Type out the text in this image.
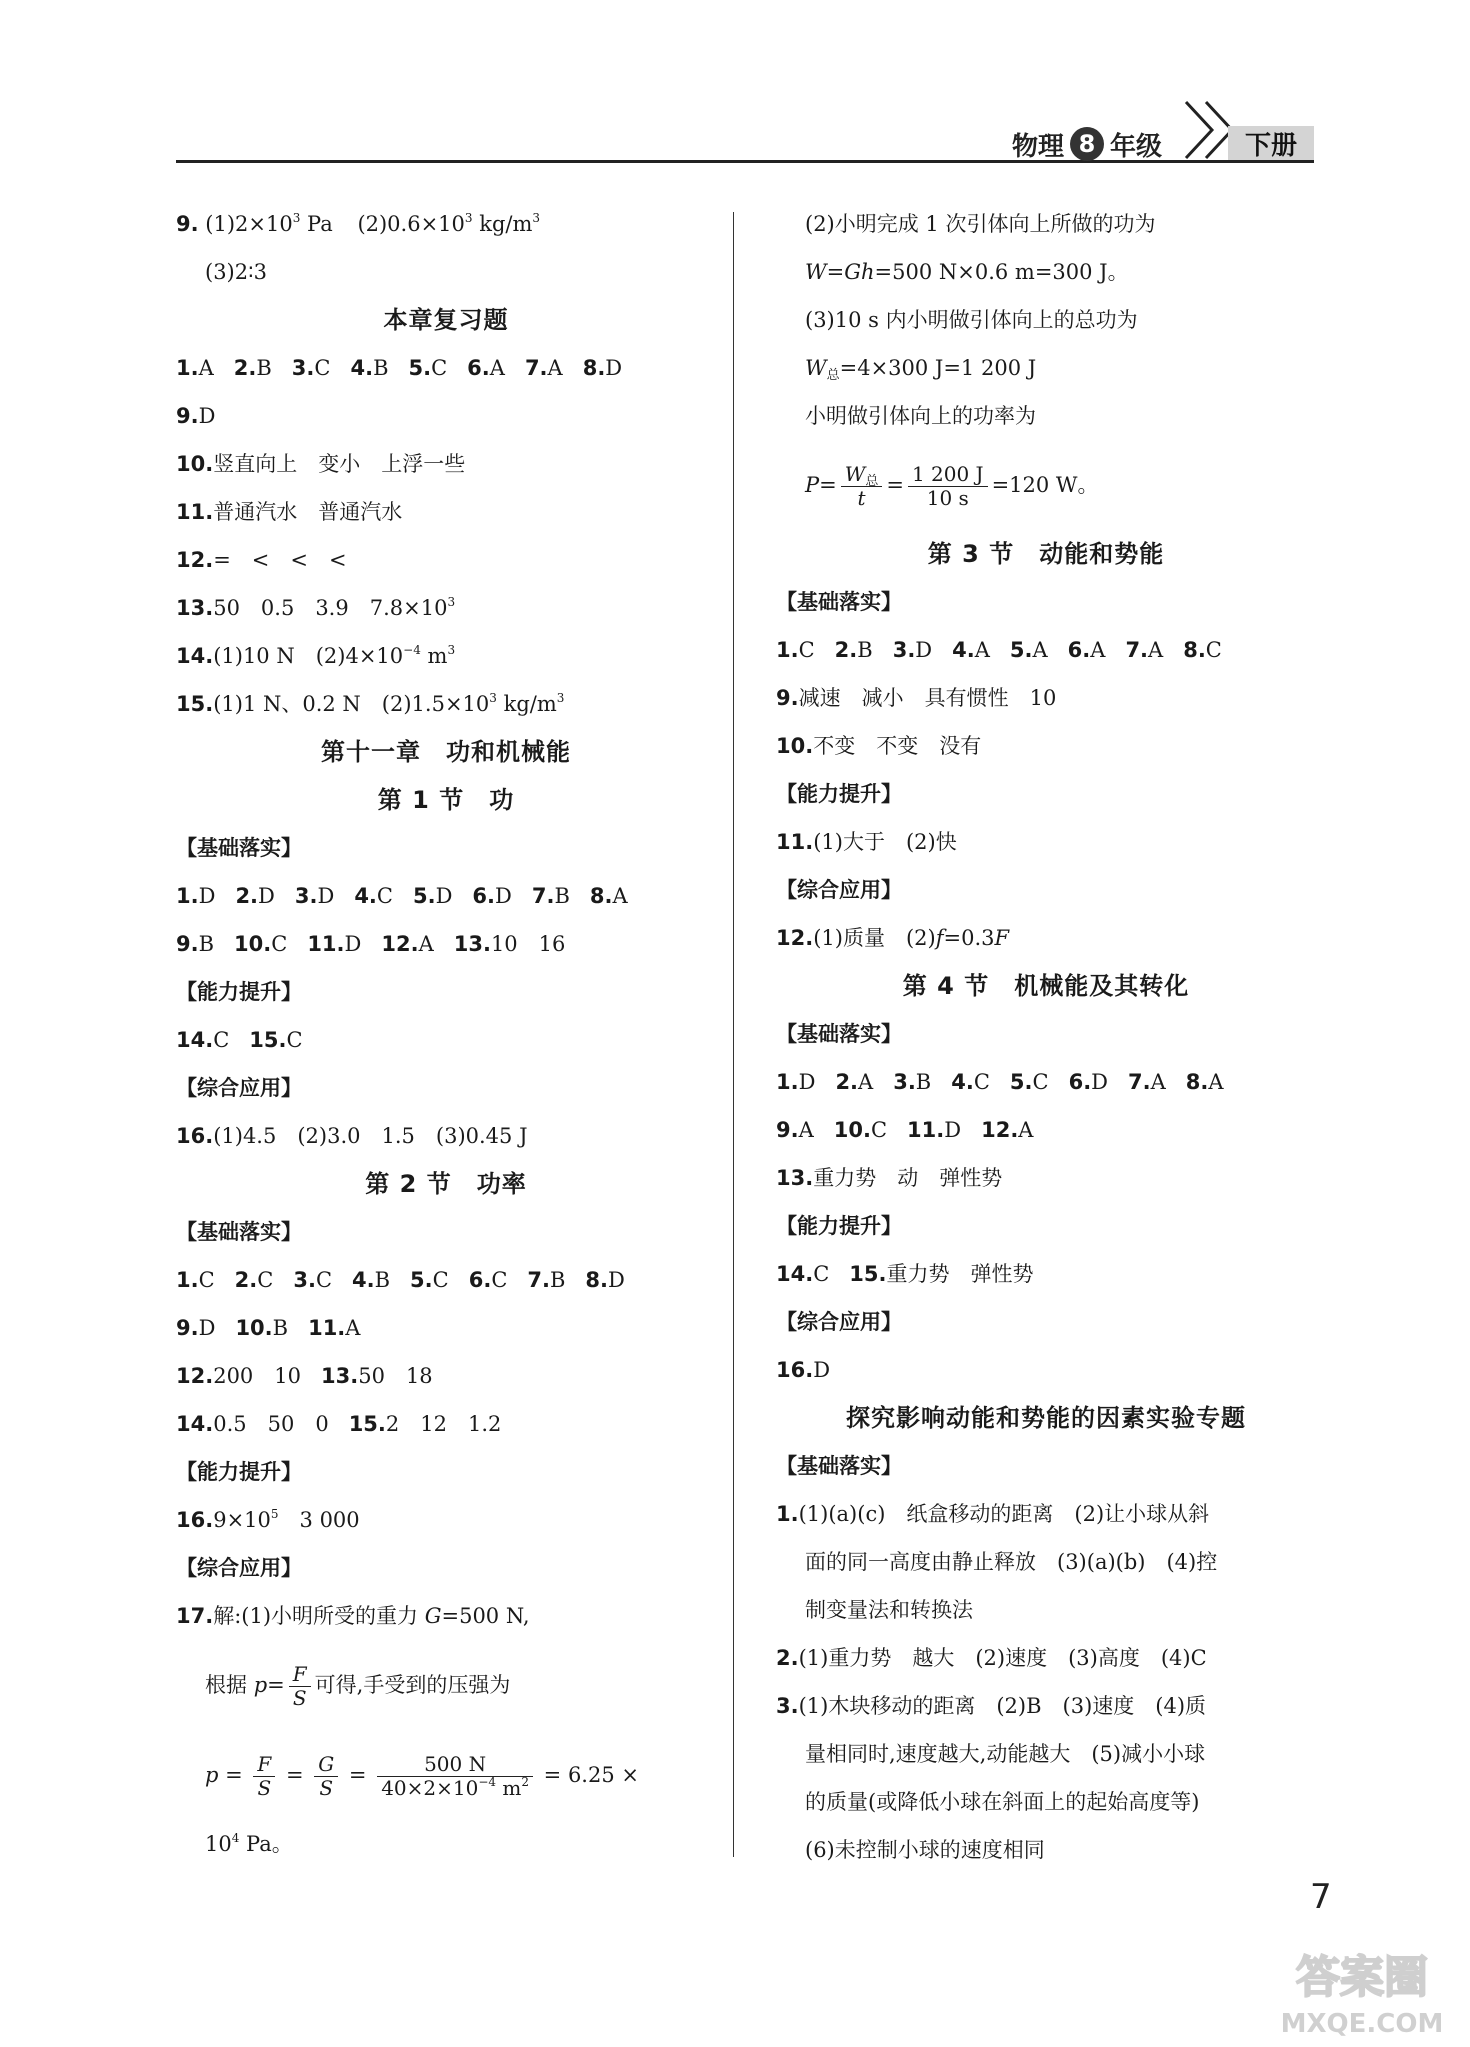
物理 8 年级	下册
9. $(1)2\times 10^3$ Pa $(2)0.6\times 10^3$ $kg/m^3$
(3)2∶3
本章复习题
1.A 2.B 3.C 4.B 5.C 6.A 7.A 8.D
9.D
10.竖直向上　变小　上浮一些
11.普通汽水　普通汽水
12.=　<　<　<
13.50　0.5　3.9　$7.8\times 10^3$
14.(1)10 N　$(2)4\times 10^{-4}$ $m^3$
15.(1)1 N、0.2 N　$(2)1.5\times 10^3$ $kg/m^3$
第十一章　功和机械能
第 1 节　功
【基础落实】
1.D 2.D 3.D 4.C 5.D 6.D 7.B 8.A
9.B 10.C 11.D 12.A 13.10　16
【能力提升】
14.C 15.C
【综合应用】
16.(1)4.5　(2)3.0　1.5　(3)0.45 J
第 2 节　功率
【基础落实】
1.C 2.C 3.C 4.B 5.C 6.C 7.B 8.D
9.D 10.B 11.A
12.200　10 13.50　18
14.0.5　50　0 15.2　12　1.2
【能力提升】
$16.9\times 10^5$　3 000
【综合应用】
17.解:(1)小明所受的重力 G=500 N,
根据 $p= \frac{F}{S}$ 可得,手受到的压强为
$p = \frac{F}{S} = \frac{G}{S} = \frac{500 N}{40\times 2\times 10^{-4} m^2} = 6.25$ ×
$10^4$ Pa。
(2)小明完成 1 次引体向上所做的功为
W=Gh=500 N×0.6 m=300 J。
(3)10 s 内小明做引体向上的总功为
$W_总=4\times 300$ J=1 200 J
小明做引体向上的功率为
$P= \frac{W_总}{t} = \frac{1 200 J}{10 s} =120$ W。
第 3 节　动能和势能
【基础落实】
1.C 2.B 3.D 4.A 5.A 6.A 7.A 8.C
9.减速　减小　具有惯性　10
10.不变　不变　没有
【能力提升】
11.(1)大于　(2)快
【综合应用】
12.(1)质量　(2)f=0.3F
第 4 节　机械能及其转化
【基础落实】
1.D 2.A 3.B 4.C 5.C 6.D 7.A 8.A
9.A 10.C 11.D 12.A
13.重力势　动　弹性势
【能力提升】
14.C 15.重力势　弹性势
【综合应用】
16.D
探究影响动能和势能的因素实验专题
【基础落实】
1.(1)(a)(c)　纸盒移动的距离　(2)让小球从斜
面的同一高度由静止释放　(3)(a)(b)　(4)控
制变量法和转换法
2.(1)重力势　越大　(2)速度　(3)高度　(4)C
3.(1)木块移动的距离　(2)B　(3)速度　(4)质
量相同时,速度越大,动能越大　(5)减小小球
的质量(或降低小球在斜面上的起始高度等)
(6)未控制小球的速度相同
7
答案圈
MXQE.COM
